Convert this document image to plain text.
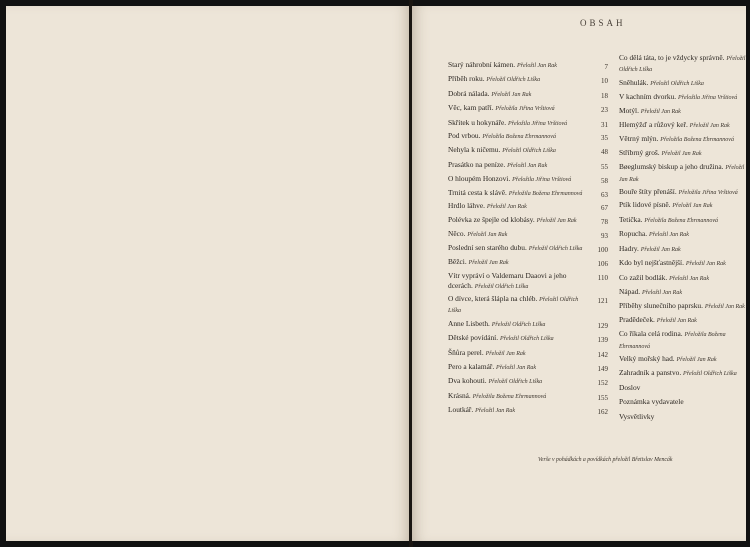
OBSAH
Starý náhrobní kámen. Přeložil Jan Rak	7
Příběh roku. Přeložil Oldřich Liška	10
Dobrá nálada. Přeložil Jan Rak	18
Věc, kam patří. Přeložila Jiřina Vrštiová	23
Skřítek u hokynáře. Přeložila Jiřina Vrštiová	31
Pod vrbou. Přeložila Božena Ehrmannová	35
Nehyla k ničemu. Přeložil Oldřich Liška	48
Prasátko na peníze. Přeložil Jan Rak	55
O hloupém Honzovi. Přeložila Jiřina Vrštiová	58
Trnitá cesta k slávě. Přeložila Božena Ehrmannová	63
Hrdlo láhve. Přeložil Jan Rak	67
Polévka ze špejle od klobásy. Přeložil Jan Rak	78
Něco. Přeložil Jan Rak	93
Poslední sen starého dubu. Přeložil Oldřich Liška 100
Běžci. Přeložil Jan Rak	106
Vítr vypráví o Valdemaru Daaovi a jeho dcerách. Přeložil Oldřich Liška
110
O dívce, která šlápla na chléb. Přeložil Oldřich Liška
121
Anne Lisbeth. Přeložil Oldřich Liška	129
Dětské povídání. Přeložil Oldřich Liška	139
Šňůra perel. Přeložil Jan Rak	142
Pero a kalamář. Přeložil Jan Rak	149
Dva kohouti. Přeložil Oldřich Liška	152
Krásná. Přeložila Božena Ehrmannová	155
Loutkář. Přeložil Jan Rak	162
Co dělá táta, to je vždycky správně. Přeložil Oldřich Liška
Sněhulák. Přeložil Oldřich Liška
V kachním dvorku. Přeložila Jiřina Vrštiová
Motýl. Přeložil Jan Rak
Hlemýžď a růžový keř. Přeložil Jan Rak
Větrný mlýn. Přeložila Božena Ehrmannová
Stříbrný groš. Přeložil Jan Rak
Bøeglumský biskup a jeho družina. Přeložil Jan Rak
Bouře štíty přenáší. Přeložila Jiřina Vrštiová
Ptík lidové písně. Přeložil Jan Rak
Tetička. Přeložila Božena Ehrmannová
Ropucha. Přeložil Jan Rak
Hadry. Přeložil Jan Rak
Kdo byl nejšťastnější. Přeložil Jan Rak
Co zažil bodlák. Přeložil Jan Rak
Nápad. Přeložil Jan Rak
Příběhy slunečního paprsku. Přeložil Jan Rak
Pradědeček. Přeložil Jan Rak
Co říkala celá rodina. Přeložila Božena Ehrmannová
Velký mořský had. Přeložil Jan Rak
Zahradník a panstvo. Přeložil Oldřich Liška
Doslov
Poznámka vydavatele
Vysvětlivky
Verše v pohádkách a povídkách přeložil Břetislav Mencák
